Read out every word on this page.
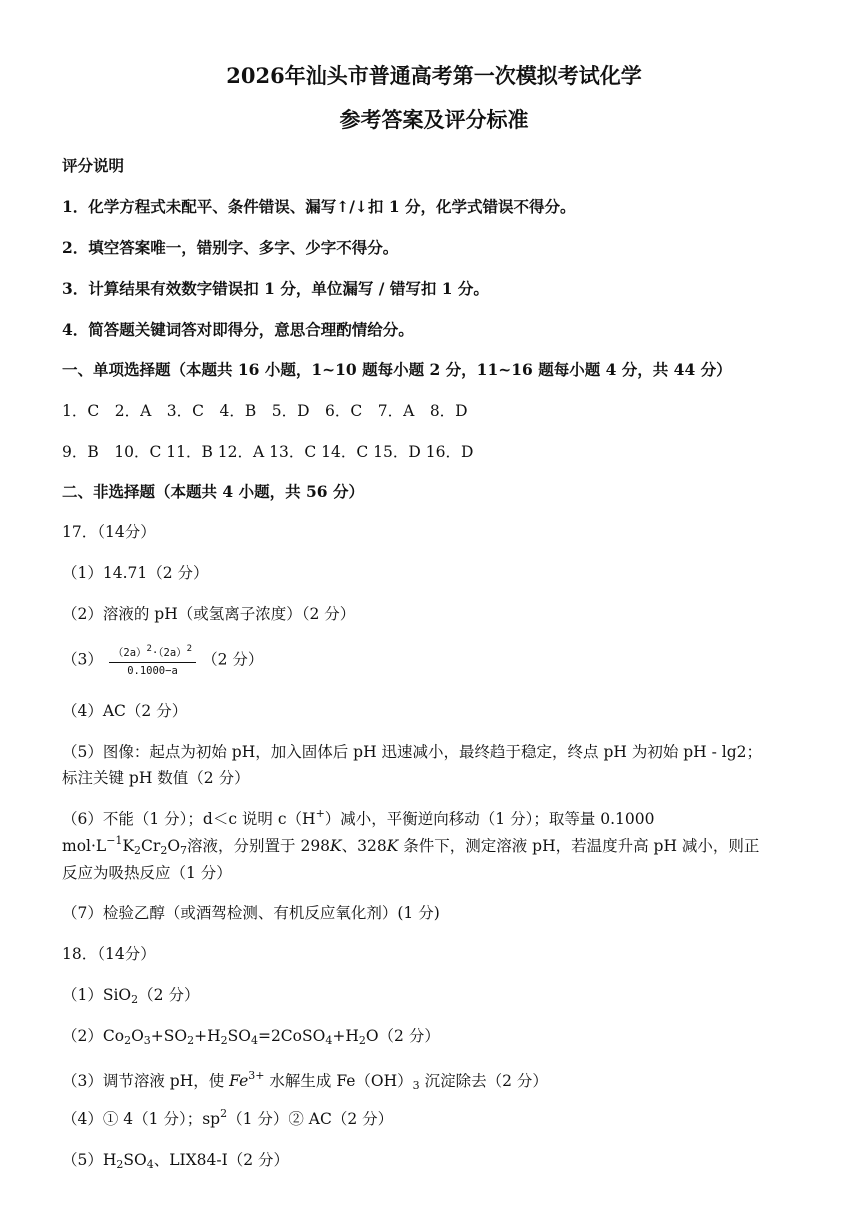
2026年汕头市普通高考第一次模拟考试化学
参考答案及评分标准
评分说明
1．化学方程式未配平、条件错误、漏写↑/↓扣 1 分，化学式错误不得分。
2．填空答案唯一，错别字、多字、少字不得分。
3．计算结果有效数字错误扣 1 分，单位漏写 / 错写扣 1 分。
4．简答题关键词答对即得分，意思合理酌情给分。
一、单项选择题（本题共 16 小题，1~10 题每小题 2 分，11~16 题每小题 4 分，共 44 分）
1．C　2．A　3．C　4．B　5．D　6．C　7．A　8．D
9．B　10．C 11．B 12．A 13．C 14．C 15．D 16．D
二、非选择题（本题共 4 小题，共 56 分）
17．（14分）
（1）14.71（2 分）
（2）溶液的 pH（或氢离子浓度）（2 分）
$(3) \frac{(2a)2\cdot(2a)2}{0.1000-a} (2$ 分）
（4）AC（2 分）
（5）图像：起点为初始 pH，加入固体后 pH 迅速减小，最终趋于稳定，终点 pH 为初始 pH - lg2；
标注关键 pH 数值（2 分）
（6）不能（1 分）；d＜c 说明 c（H+）减小，平衡逆向移动（1 分）；取等量 0.1000
$mol\cdot L^{-1}K_2Cr_2O_7$溶液，分别置于 298K、328K 条件下，测定溶液 pH，若温度升高 pH 减小，则正
反应为吸热反应（1 分）
（7）检验乙醇（或酒驾检测、有机反应氧化剂）(1 分)
18．（14分）
（1）SiO$_2$（2 分）
$(2)Co_2O_3+SO_2+H_2SO_4=2CoSO_4+H_2O(2$ 分）
（3）调节溶液 pH，使 $Fe^{3+}$ 水解生成 $Fe(OH)_3$ 沉淀除去（2 分）
（4）① 4（1 分）；$sp^2(1$ 分）② AC（2 分）
$(5)H_2SO_4$、LIX84-I（2 分）
